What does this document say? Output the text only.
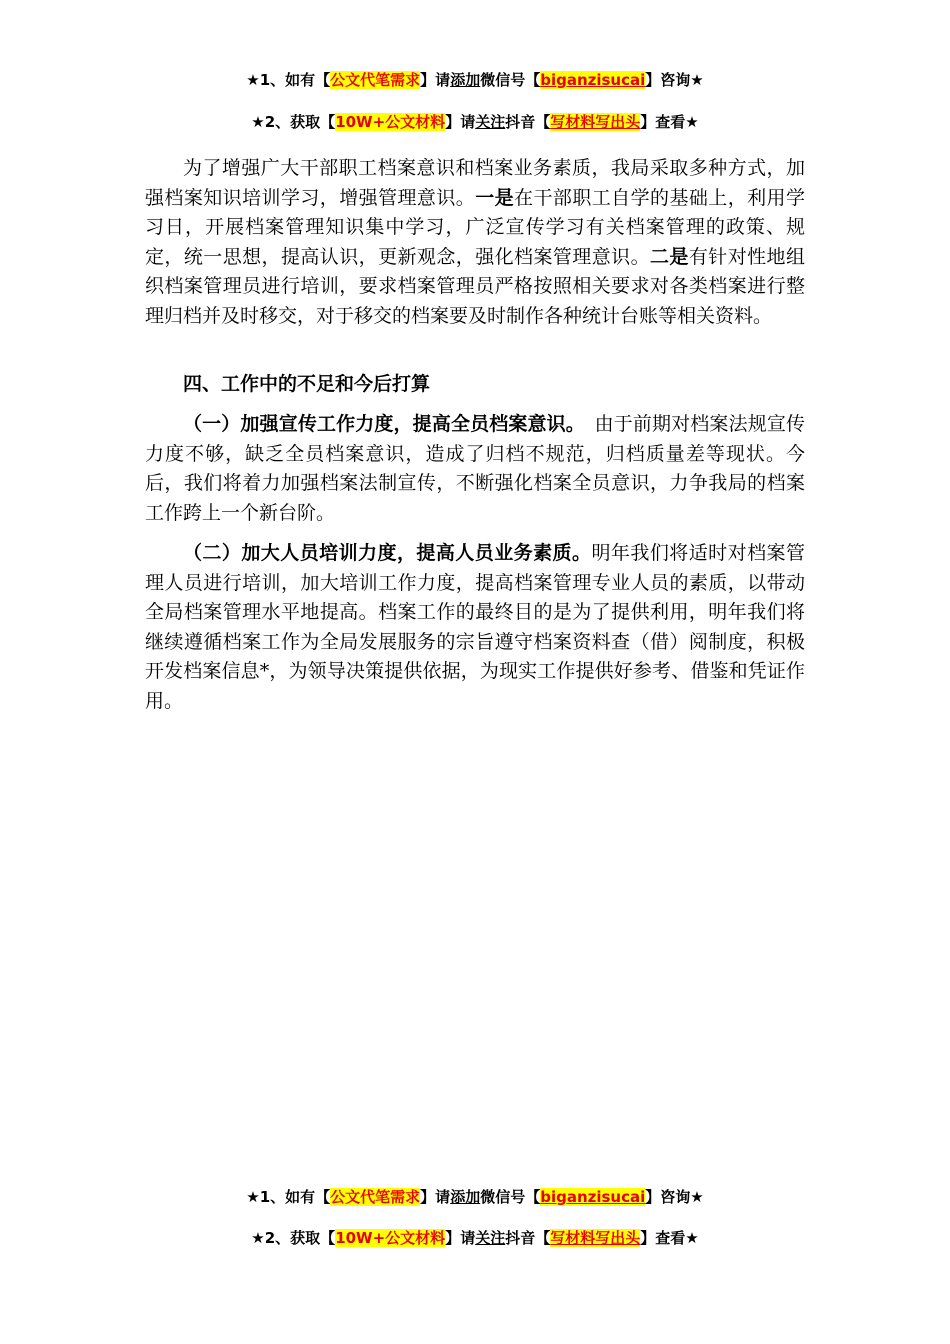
★1、如有【公文代笔需求】请添加微信号【biganzisucai】咨询★
★2、获取【10W+公文材料】请关注抖音【写材料写出头】查看★
为了增强广大干部职工档案意识和档案业务素质，我局采取多种方式，加强档案知识培训学习，增强管理意识。一是在干部职工自学的基础上，利用学习日，开展档案管理知识集中学习，广泛宣传学习有关档案管理的政策、规定，统一思想，提高认识，更新观念，强化档案管理意识。二是有针对性地组织档案管理员进行培训，要求档案管理员严格按照相关要求对各类档案进行整理归档并及时移交，对于移交的档案要及时制作各种统计台账等相关资料。
四、工作中的不足和今后打算
（一）加强宣传工作力度，提高全员档案意识。　由于前期对档案法规宣传力度不够，缺乏全员档案意识，造成了归档不规范，归档质量差等现状。今后，我们将着力加强档案法制宣传，不断强化档案全员意识，力争我局的档案工作跨上一个新台阶。
（二）加大人员培训力度，提高人员业务素质。明年我们将适时对档案管理人员进行培训，加大培训工作力度，提高档案管理专业人员的素质，以带动全局档案管理水平地提高。档案工作的最终目的是为了提供利用，明年我们将继续遵循档案工作为全局发展服务的宗旨遵守档案资料查（借）阅制度，积极开发档案信息*，为领导决策提供依据，为现实工作提供好参考、借鉴和凭证作用。
★1、如有【公文代笔需求】请添加微信号【biganzisucai】咨询★
★2、获取【10W+公文材料】请关注抖音【写材料写出头】查看★
